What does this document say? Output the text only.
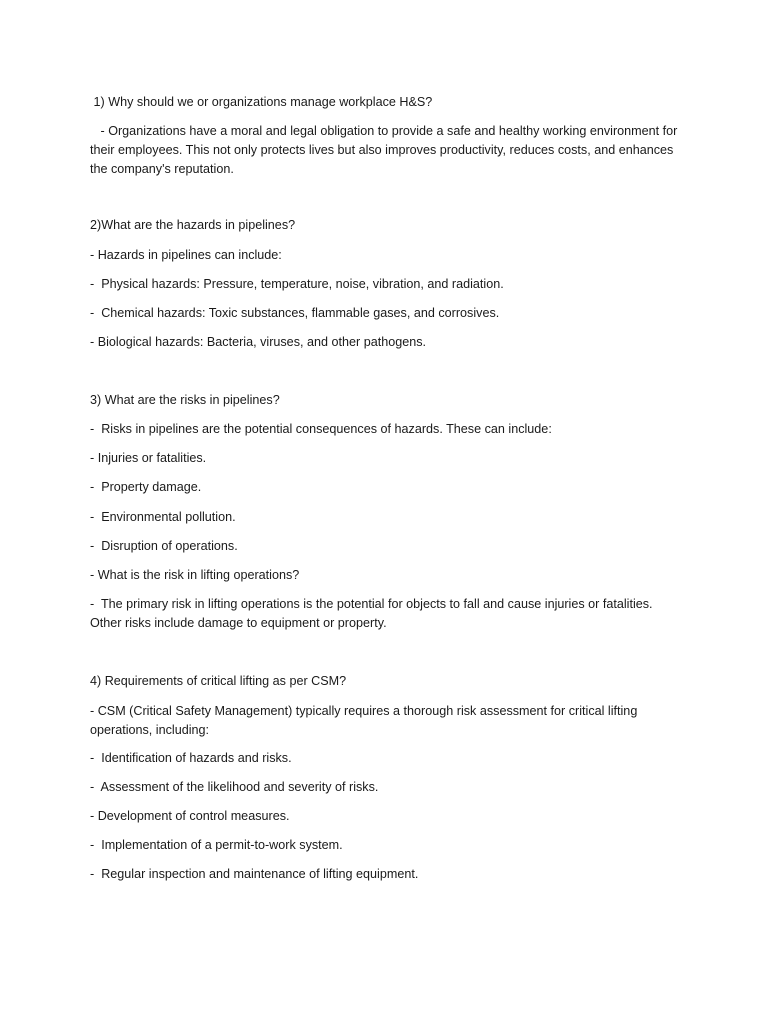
1) Why should we or organizations manage workplace H&S?

- Organizations have a moral and legal obligation to provide a safe and healthy working environment for their employees. This not only protects lives but also improves productivity, reduces costs, and enhances the company's reputation.

2)What are the hazards in pipelines?

- Hazards in pipelines can include:

-  Physical hazards: Pressure, temperature, noise, vibration, and radiation.

-  Chemical hazards: Toxic substances, flammable gases, and corrosives.

- Biological hazards: Bacteria, viruses, and other pathogens.

3) What are the risks in pipelines?

-  Risks in pipelines are the potential consequences of hazards. These can include:

- Injuries or fatalities.

-  Property damage.

-  Environmental pollution.

-  Disruption of operations.

- What is the risk in lifting operations?

-  The primary risk in lifting operations is the potential for objects to fall and cause injuries or fatalities. Other risks include damage to equipment or property.

4) Requirements of critical lifting as per CSM?

- CSM (Critical Safety Management) typically requires a thorough risk assessment for critical lifting operations, including:

-  Identification of hazards and risks.

-  Assessment of the likelihood and severity of risks.

- Development of control measures.

-  Implementation of a permit-to-work system.

-  Regular inspection and maintenance of lifting equipment.
